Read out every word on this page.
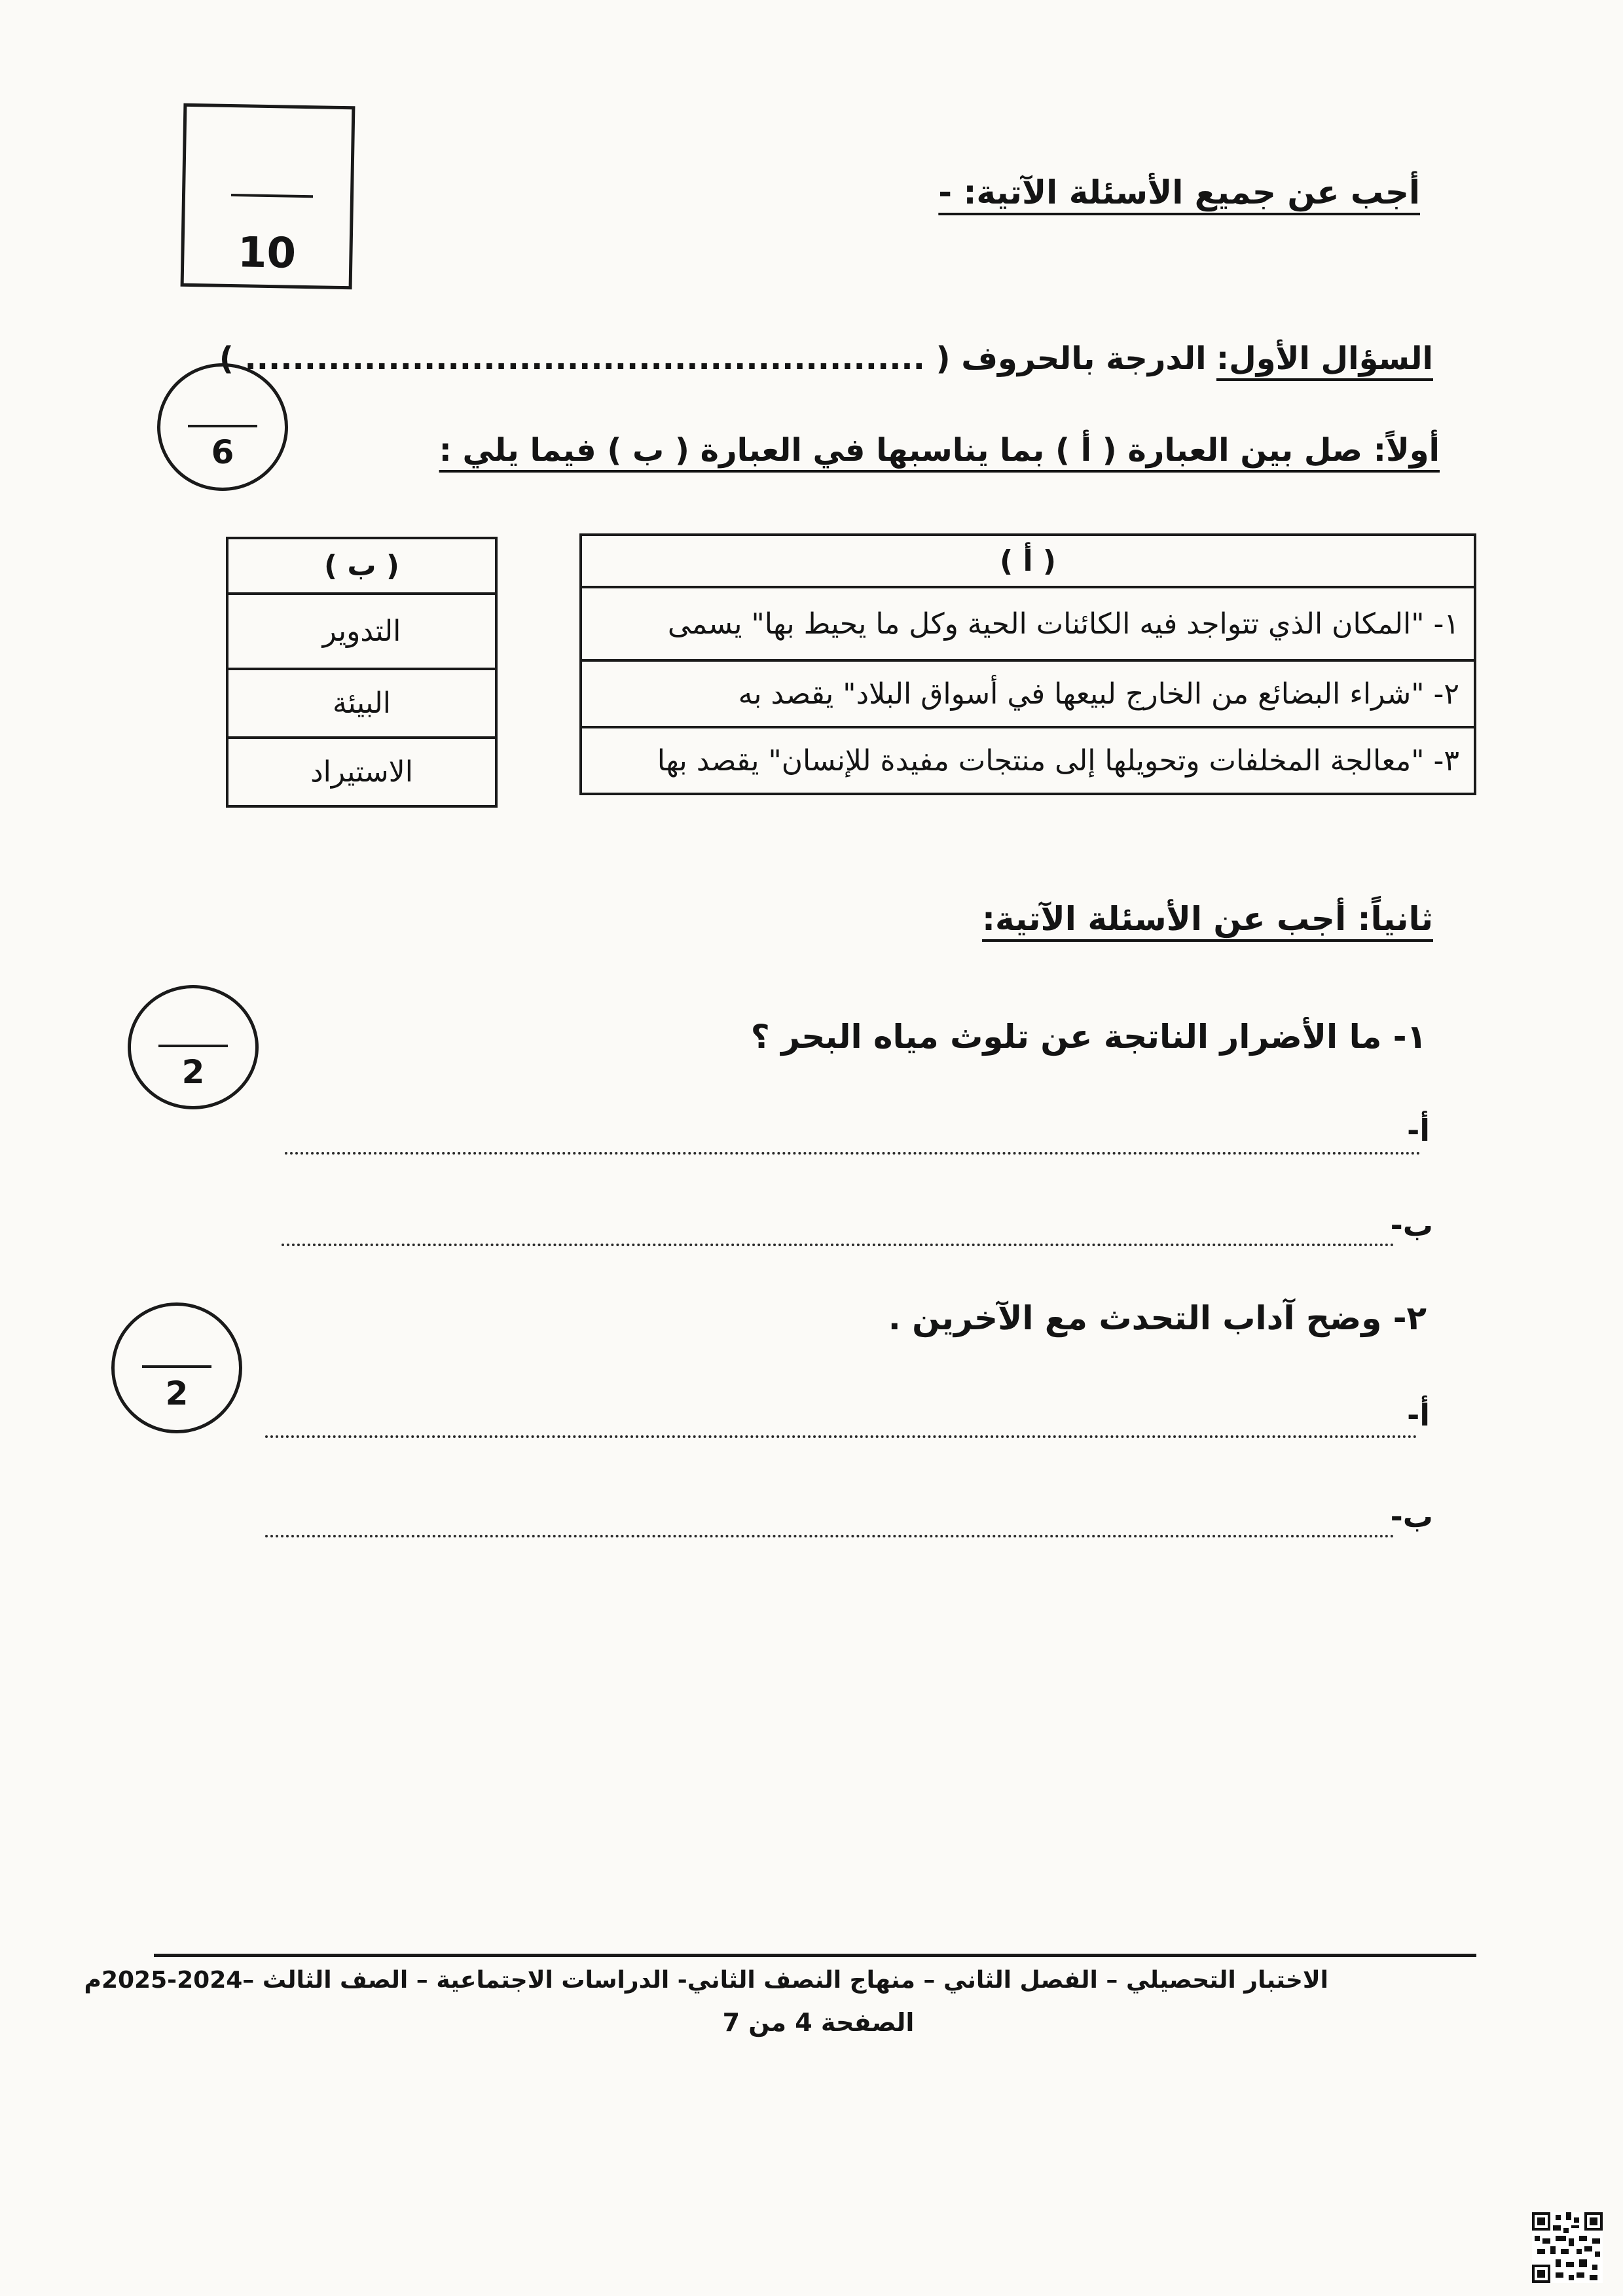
10
أجب عن جميع الأسئلة الآتية: -
السؤال الأول: الدرجة بالحروف ( ......................................................... )
6	أولاً: صل بين العبارة ( أ ) بما يناسبها في العبارة ( ب ) فيما يلي :
( أ )
١- "المكان الذي تتواجد فيه الكائنات الحية وكل ما يحيط بها" يسمى
٢- "شراء البضائع من الخارج لبيعها في أسواق البلاد" يقصد به
٣- "معالجة المخلفات وتحويلها إلى منتجات مفيدة للإنسان" يقصد بها
( ب )
التدوير
البيئة
الاستيراد
ثانياً: أجب عن الأسئلة الآتية:
2
١- ما الأضرار الناتجة عن تلوث مياه البحر ؟
أ-
ب-
2
٢- وضح آداب التحدث مع الآخرين .
أ-
ب-
الاختبار التحصيلي – الفصل الثاني – منهاج النصف الثاني- الدراسات الاجتماعية – الصف الثالث –2024-2025م
الصفحة 4 من 7
